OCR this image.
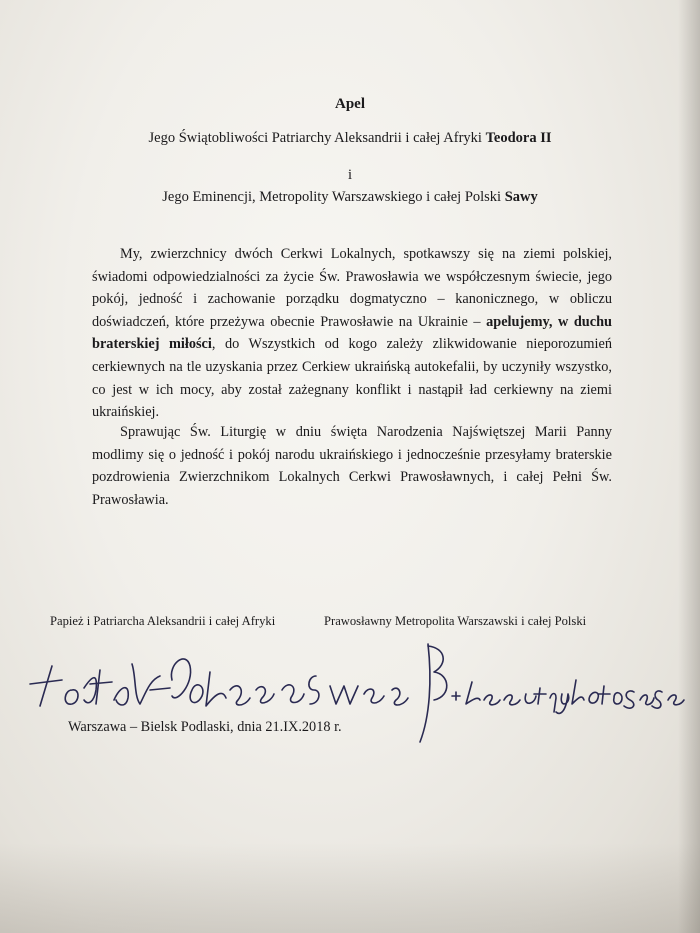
Apel
Jego Świątobliwości Patriarchy Aleksandrii i całej Afryki Teodora II
i
Jego Eminencji, Metropolity Warszawskiego i całej Polski Sawy

My, zwierzchnicy dwóch Cerkwi Lokalnych, spotkawszy się na ziemi polskiej, świadomi odpowiedzialności za życie Św. Prawosławia we współczesnym świecie, jego pokój, jedność i zachowanie porządku dogmatyczno – kanonicznego, w obliczu doświadczeń, które przeżywa obecnie Prawosławie na Ukrainie – apelujemy, w duchu braterskiej miłości, do Wszystkich od kogo zależy zlikwidowanie nieporozumień cerkiewnych na tle uzyskania przez Cerkiew ukraińską autokefalii, by uczyniły wszystko, co jest w ich mocy, aby został zażegnany konflikt i nastąpił ład cerkiewny na ziemi ukraińskiej.

Sprawując Św. Liturgię w dniu święta Narodzenia Najświętszej Marii Panny modlimy się o jedność i pokój narodu ukraińskiego i jednocześnie przesyłamy braterskie pozdrowienia Zwierzchnikom Lokalnych Cerkwi Prawosławnych, i całej Pełni Św. Prawosławia.

Papież i Patriarcha Aleksandrii i całej Afryki	Prawosławny Metropolita Warszawski i całej Polski
Warszawa – Bielsk Podlaski, dnia 21.IX.2018 r.
